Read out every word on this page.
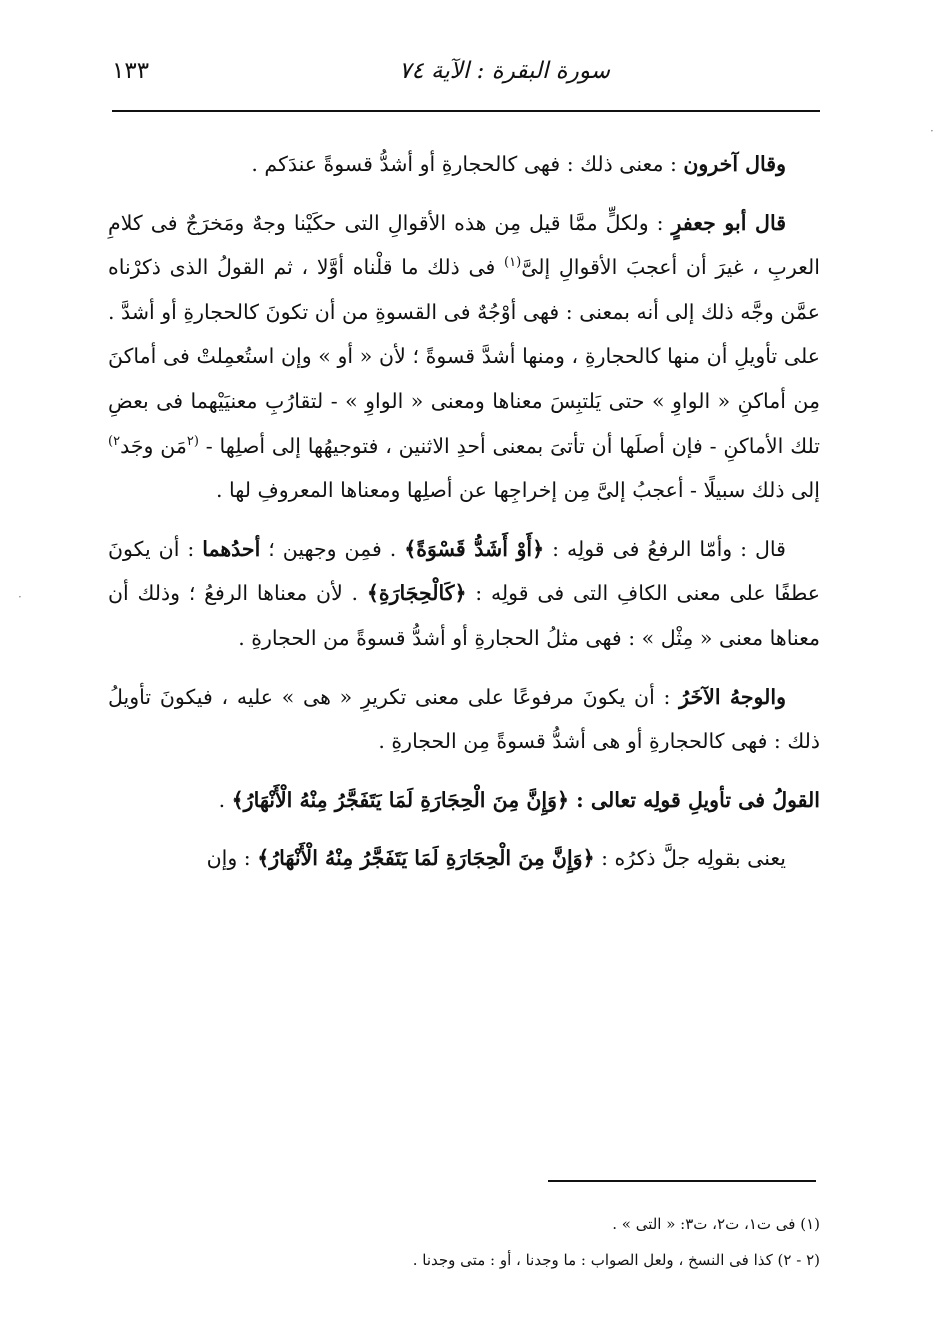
سورة البقرة : الآية ٧٤
١٣٣

وقال آخرون : معنى ذلك : فهى كالحجارةِ أو أشدُّ قسوةً عندَكم .

قال أبو جعفرٍ : ولكلٍّ ممَّا قيل مِن هذه الأقوالِ التى حكَيْنا وجهٌ ومَخرَجٌ فى كلامِ العربِ ، غيرَ أن أعجبَ الأقوالِ إلىَّ$^{(١)}$ فى ذلك ما قلْناه أوَّلا ، ثم القولُ الذى ذكرْناه عمَّن وجَّه ذلك إلى أنه بمعنى : فهى أوْجُهٌ فى القسوةِ من أن تكونَ كالحجارةِ أو أشدَّ . على تأويلِ أن منها كالحجارةِ ، ومنها أشدَّ قسوةً ؛ لأن « أو » وإن استُعمِلتْ فى أماكنَ مِن أماكنِ « الواوِ » حتى يَلتبِسَ معناها ومعنى « الواوِ » - لتقارُبِ معنيَيْهما فى بعضِ تلك الأماكنِ - فإن أصلَها أن تأتىَ بمعنى أحدِ الاثنين ، فتوجيهُها إلى أصلِها - $^{(٢}$مَن وجَد$^{٢)}$ إلى ذلك سبيلًا - أعجبُ إلىَّ مِن إخراجِها عن أصلِها ومعناها المعروفِ لها .

قال : وأمّا الرفعُ فى قولِه : ﴿أَوْ أَشَدُّ قَسْوَةً﴾ . فمِن وجهين ؛ أحدُهما : أن يكونَ عطفًا على معنى الكافِ التى فى قولِه : ﴿كَالْحِجَارَةِ﴾ . لأن معناها الرفعُ ؛ وذلك أن معناها معنى « مِثْل » : فهى مثلُ الحجارةِ أو أشدُّ قسوةً من الحجارةِ .

والوجهُ الآخَرُ : أن يكونَ مرفوعًا على معنى تكريرِ « هى » عليه ، فيكونَ تأويلُ ذلك : فهى كالحجارةِ أو هى أشدُّ قسوةً مِن الحجارةِ .

القولُ فى تأويلِ قولِه تعالى : ﴿وَإِنَّ مِنَ الْحِجَارَةِ لَمَا يَتَفَجَّرُ مِنْهُ الْأَنْهَارُ﴾ .

يعنى بقولِه جلَّ ذكرُه : ﴿وَإِنَّ مِنَ الْحِجَارَةِ لَمَا يَتَفَجَّرُ مِنْهُ الْأَنْهَارُ﴾ : وإن

(١) فى ت١، ت٢، ت٣: « التى » .

(٢ - ٢) كذا فى النسخ ، ولعل الصواب : ما وجدنا ، أو : متى وجدنا .

·
·
